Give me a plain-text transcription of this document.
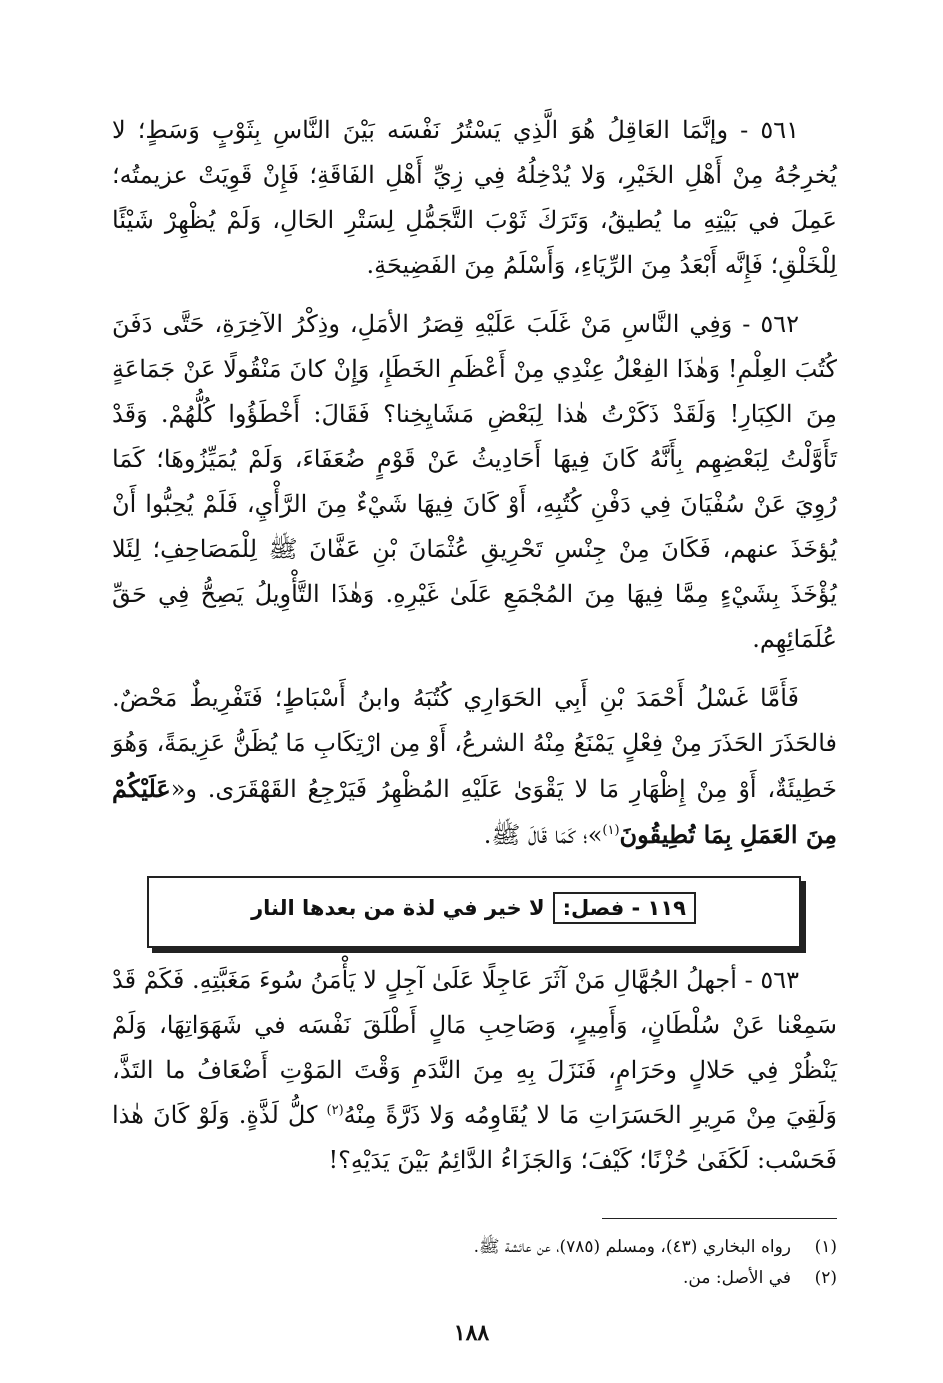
٥٦١ - وإنَّمَا العَاقِلُ هُوَ الَّذِي يَسْتُرُ نَفْسَه بَيْنَ النَّاسِ بِثَوْبٍ وَسَطٍ؛ لا يُخرِجُهُ مِنْ أَهْلِ الخَيْرِ، وَلا يُدْخِلُهُ فِي زِيِّ أَهْلِ الفَاقَةِ؛ فَإِنْ قَوِيَتْ عزيمتُه؛ عَمِلَ في بَيْتِهِ ما يُطيقُ، وَتَرَكَ ثَوْبَ التَّجَمُّلِ لِسَتْرِ الحَالِ، وَلَمْ يُظْهِرْ شَيْئًا لِلْخَلْقِ؛ فَإِنَّه أَبْعَدُ مِنَ الرِّيَاءِ، وَأَسْلَمُ مِنَ الفَضِيحَةِ.

٥٦٢ - وَفِي النَّاسِ مَنْ غَلَبَ عَلَيْهِ قِصَرُ الأمَلِ، وذِكْرُ الآخِرَةِ، حَتَّى دَفَنَ كُتُبَ العِلْمِ! وَهٰذَا الفِعْلُ عِنْدِي مِنْ أَعْظَمِ الخَطَإِ، وَإِنْ كانَ مَنْقُولًا عَنْ جَمَاعَةٍ مِنَ الكِبَارِ! وَلَقَدْ ذَكَرْتُ هٰذا لِبَعْضِ مَشَايِخِنا؟ فَقَالَ: أَخْطَؤُوا كُلُّهُمْ. وَقَدْ تَأَوَّلْتُ لِبَعْضِهِم بِأَنَّهُ كَانَ فِيهَا أَحَادِيثُ عَنْ قَوْمٍ ضُعَفَاءَ، وَلَمْ يُمَيِّزُوهَا؛ كَمَا رُوِيَ عَنْ سُفْيَانَ فِي دَفْنِ كُتُبِهِ، أَوْ كَانَ فِيهَا شَيْءٌ مِنَ الرَّأْيِ، فَلَمْ يُحِبُّوا أَنْ يُؤخَذَ عنهم، فَكَانَ مِنْ جِنْسِ تَحْرِيقِ عُثْمَانَ بْنِ عَفَّانَ ﷺ لِلْمَصَاحِفِ؛ لِئَلا يُؤْخَذَ بِشَيْءٍ مِمَّا فِيهَا مِنَ المُجْمَعِ عَلَىٰ غَيْرِهِ. وَهٰذَا التَّأْوِيلُ يَصِحُّ فِي حَقِّ عُلَمَائِهِم.

فَأَمَّا غَسْلُ أَحْمَدَ بْنِ أَبِي الحَوَارِي كُتُبَهُ وابنُ أَسْبَاطٍ؛ فَتَفْرِيطٌ مَحْضٌ. فالحَذَرَ الحَذَرَ مِنْ فِعْلٍ يَمْنَعُ مِنْهُ الشرعُ، أَوْ مِن ارْتِكَابِ مَا يُظَنُّ عَزِيمَةً، وَهُوَ خَطِيئَةٌ، أَوْ مِنْ إِظْهَارِ مَا لا يَقْوَىٰ عَلَيْهِ المُظْهِرُ فَيَرْجِعُ القَهْقَرَى. و«عَلَيْكُمْ مِنَ العَمَلِ بِمَا تُطِيقُونَ$^{(١)}$»؛ كَمَا قَالَ ﷺ.

١١٩ - فصل:
لا خير في لذة من بعدها النار

٥٦٣ - أجهلُ الجُهَّالِ مَنْ آثَرَ عَاجِلًا عَلَىٰ آجِلٍ لا يَأْمَنُ سُوءَ مَغَبَّتِهِ. فَكَمْ قَدْ سَمِعْنا عَنْ سُلْطَانٍ، وَأَمِيرٍ، وَصَاحِبِ مَالٍ أَطْلَقَ نَفْسَه في شَهَوَاتِهَا، وَلَمْ يَنْظُرْ فِي حَلالٍ وحَرَامٍ، فَنَزَلَ بِهِ مِنَ النَّدَمِ وَقْتَ المَوْتِ أَضْعَافُ ما التَذَّ، وَلَقِيَ مِنْ مَرِيرِ الحَسَرَاتِ مَا لا يُقَاوِمُه وَلا ذَرَّةً مِنْهُ$^{(٢)}$ كلُّ لَذَّةٍ. وَلَوْ كَانَ هٰذا فَحَسْب: لَكَفَىٰ حُزْنًا؛ كَيْفَ؛ وَالجَزَاءُ الدَّائِمُ بَيْنَ يَدَيْهِ؟!

(١)
رواه البخاري (٤٣)، ومسلم (٧٨٥)، عن عائشة ﷺ.
(٢)
في الأصل: من.
١٨٨
